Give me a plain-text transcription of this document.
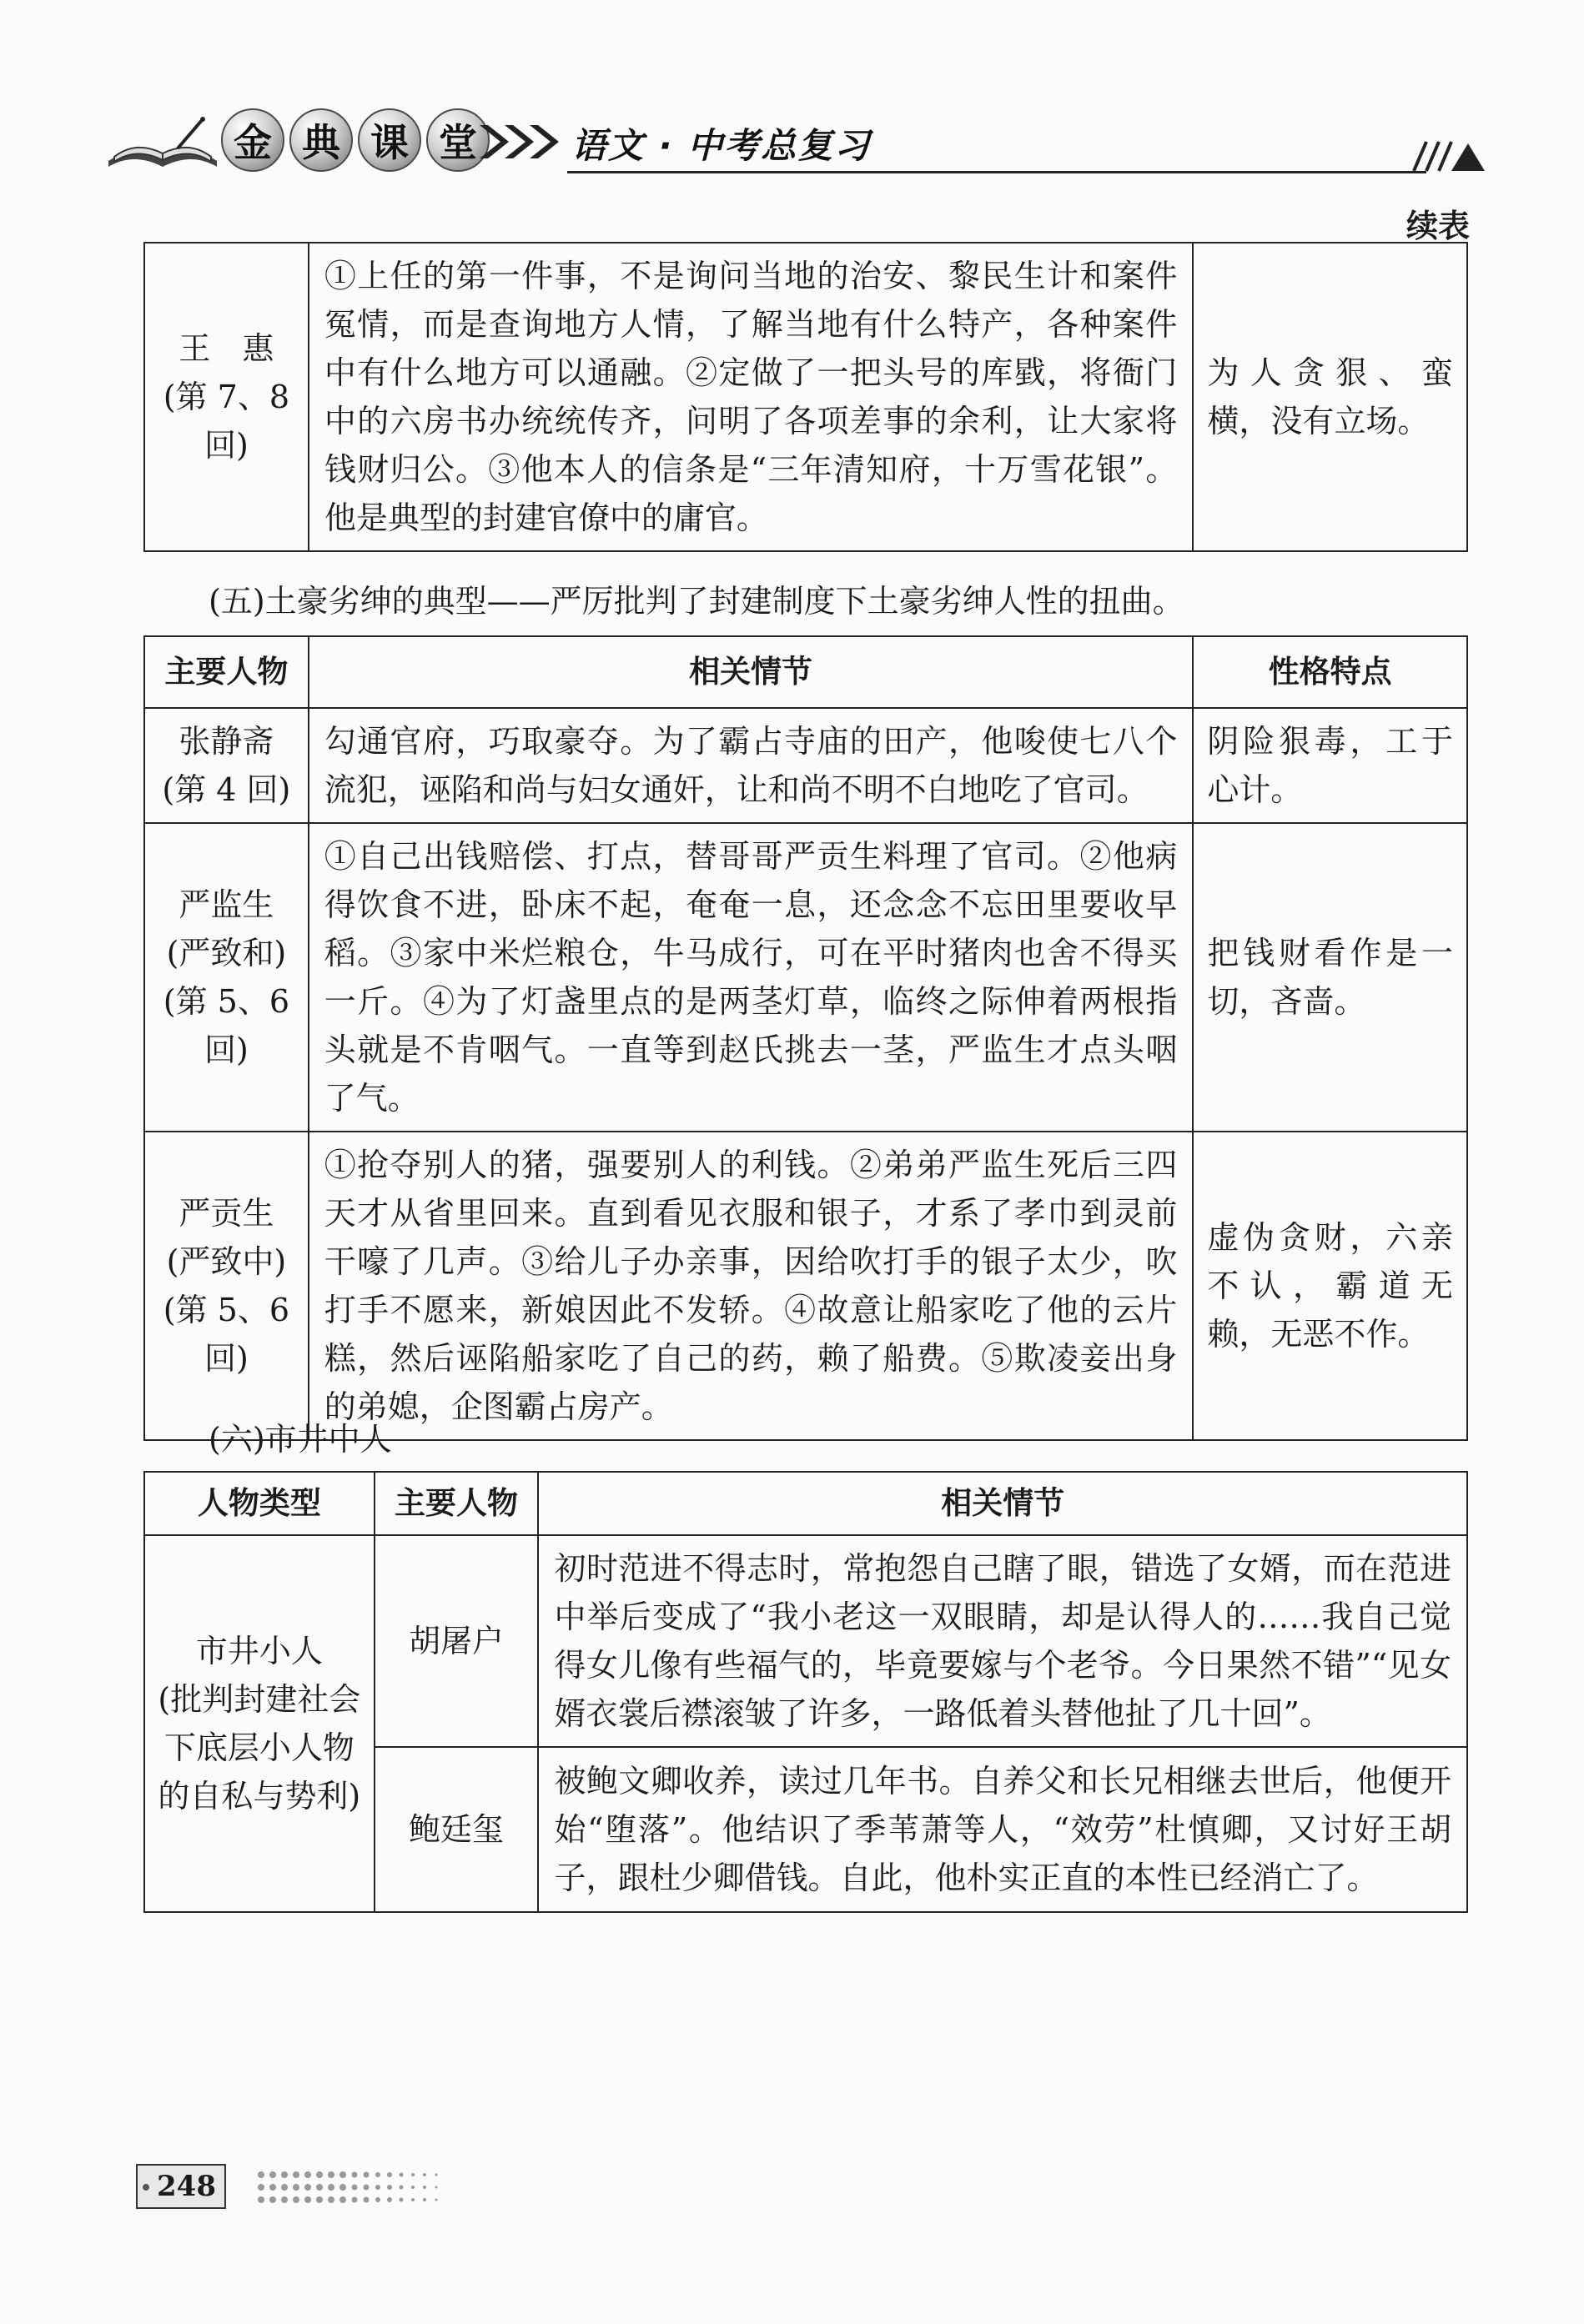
金 典 课 堂	语文 · 中考总复习
续表
王　惠
(第 7、8 回)
	①上任的第一件事，不是询问当地的治安、黎民生计和案件冤情，而是查询地方人情，了解当地有什么特产，各种案件中有什么地方可以通融。②定做了一把头号的库戥，将衙门中的六房书办统统传齐，问明了各项差事的余利，让大家将钱财归公。③他本人的信条是“三年清知府，十万雪花银”。他是典型的封建官僚中的庸官。	为人贪狠、蛮横，没有立场。
(五)土豪劣绅的典型——严厉批判了封建制度下土豪劣绅人性的扭曲。
主要人物	相关情节	性格特点

张静斋
(第 4 回)	勾通官府，巧取豪夺。为了霸占寺庙的田产，他唆使七八个流犯，诬陷和尚与妇女通奸，让和尚不明不白地吃了官司。	阴险狠毒，工于心计。

严监生
(严致和)
(第 5、6 回)	①自己出钱赔偿、打点，替哥哥严贡生料理了官司。②他病得饮食不进，卧床不起，奄奄一息，还念念不忘田里要收早稻。③家中米烂粮仓，牛马成行，可在平时猪肉也舍不得买一斤。④为了灯盏里点的是两茎灯草，临终之际伸着两根指头就是不肯咽气。一直等到赵氏挑去一茎，严监生才点头咽了气。	把钱财看作是一切，吝啬。

严贡生
(严致中)
(第 5、6 回)	①抢夺别人的猪，强要别人的利钱。②弟弟严监生死后三四天才从省里回来。直到看见衣服和银子，才系了孝巾到灵前干嚎了几声。③给儿子办亲事，因给吹打手的银子太少，吹打手不愿来，新娘因此不发轿。④故意让船家吃了他的云片糕，然后诬陷船家吃了自己的药，赖了船费。⑤欺凌妾出身的弟媳，企图霸占房产。	虚伪贪财，六亲不认，霸道无赖，无恶不作。
(六)市井中人
人物类型	主要人物	相关情节

市井小人
(批判封建社会
下底层小人物
的自私与势利)	胡屠户	初时范进不得志时，常抱怨自己瞎了眼，错选了女婿，而在范进中举后变成了“我小老这一双眼睛，却是认得人的……我自己觉得女儿像有些福气的，毕竟要嫁与个老爷。今日果然不错”“见女婿衣裳后襟滚皱了许多，一路低着头替他扯了几十回”。
	鲍廷玺	被鲍文卿收养，读过几年书。自养父和长兄相继去世后，他便开始“堕落”。他结识了季苇萧等人，“效劳”杜慎卿，又讨好王胡子，跟杜少卿借钱。自此，他朴实正直的本性已经消亡了。
248
